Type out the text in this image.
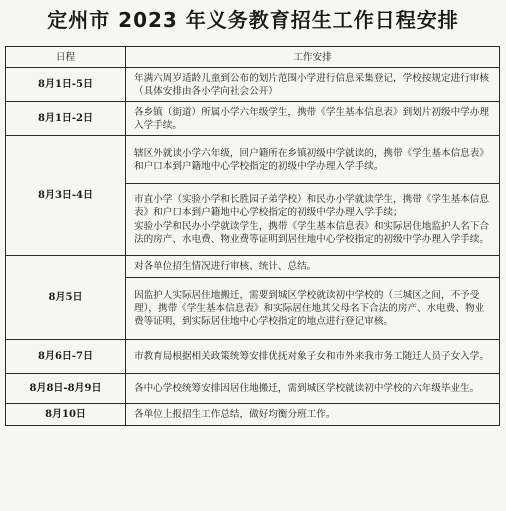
定州市 2023 年义务教育招生工作日程安排
日程	工作安排
8月1日-5日	年满六周岁适龄儿童到公布的划片范围小学进行信息采集登记，学校按规定进行审核（具体安排由各小学向社会公开）

8月1日-2日	各乡镇（街道）所属小学六年级学生，携带《学生基本信息表》到划片初级中学办理入学手续。

8月3日-4日	辖区外就读小学六年级，回户籍所在乡镇初级中学就读的，携带《学生基本信息表》和户口本到户籍地中心学校指定的初级中学办理入学手续。

	市直小学（实验小学和长胜园子弟学校）和民办小学就读学生，携带《学生基本信息表》和户口本到户籍地中心学校指定的初级中学办理入学手续；

实验小学和民办小学就读学生，携带《学生基本信息表》和实际居住地监护人名下合法的房产、水电费、物业费等证明到居住地中心学校指定的初级中学办理入学手续。

8月5日	对各单位招生情况进行审核、统计、总结。

	因监护人实际居住地搬迁，需要到城区学校就读初中学校的（三城区之间，不予受理），携带《学生基本信息表》和实际居住地其父母名下合法的房产、水电费、物业费等证明，到实际居住地中心学校指定的地点进行登记审核。

8月6日-7日	市教育局根据相关政策统筹安排优抚对象子女和市外来我市务工随迁人员子女入学。

8月8日-8月9日	各中心学校统筹安排因居住地搬迁，需到城区学校就读初中学校的六年级毕业生。

8月10日	各单位上报招生工作总结，做好均衡分班工作。
